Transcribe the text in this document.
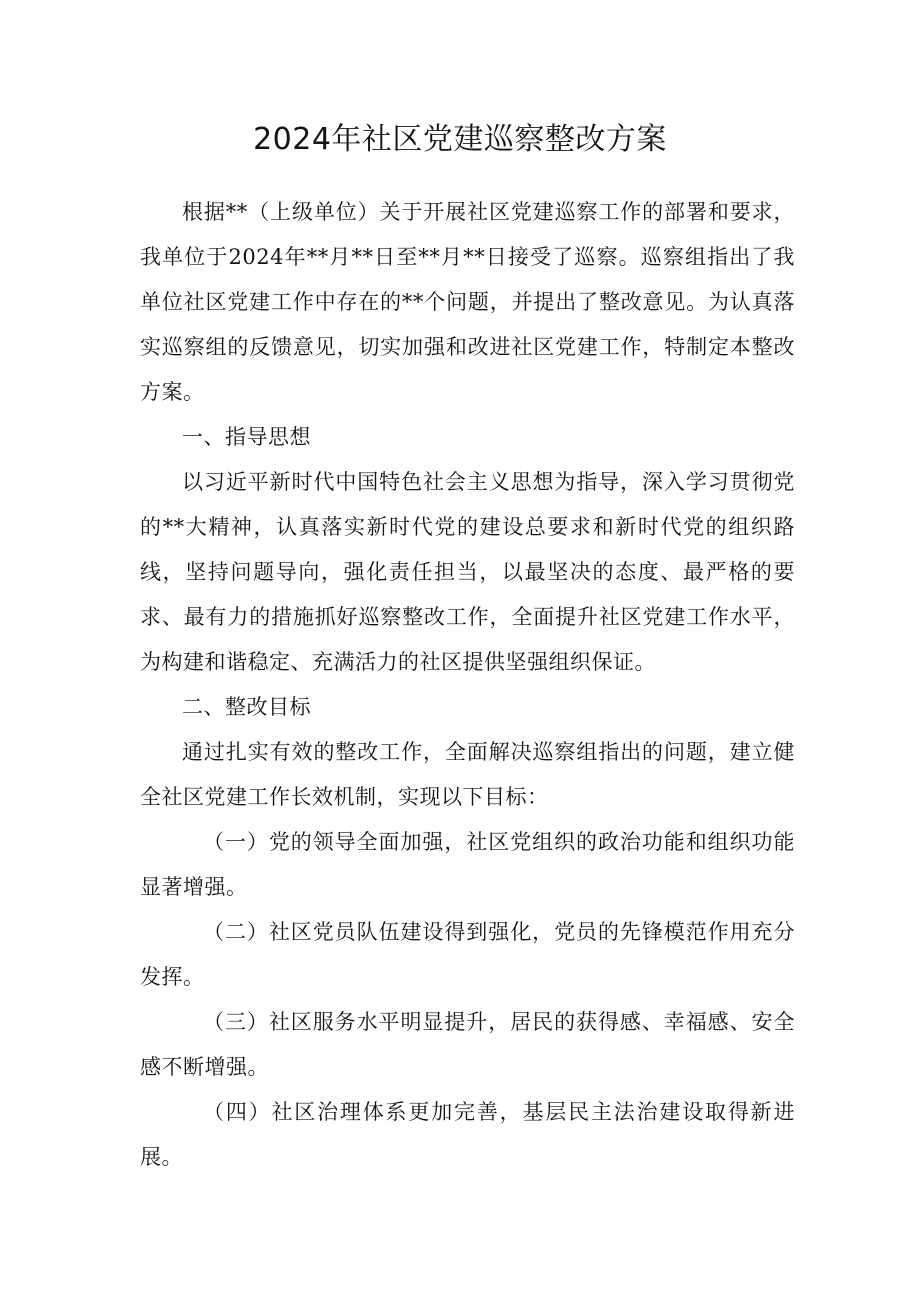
2024年社区党建巡察整改方案

根据**（上级单位）关于开展社区党建巡察工作的部署和要求，我单位于2024年**月**日至**月**日接受了巡察。巡察组指出了我单位社区党建工作中存在的**个问题，并提出了整改意见。为认真落实巡察组的反馈意见，切实加强和改进社区党建工作，特制定本整改方案。

一、指导思想

以习近平新时代中国特色社会主义思想为指导，深入学习贯彻党的**大精神，认真落实新时代党的建设总要求和新时代党的组织路线，坚持问题导向，强化责任担当，以最坚决的态度、最严格的要求、最有力的措施抓好巡察整改工作，全面提升社区党建工作水平，为构建和谐稳定、充满活力的社区提供坚强组织保证。

二、整改目标

通过扎实有效的整改工作，全面解决巡察组指出的问题，建立健全社区党建工作长效机制，实现以下目标：

（一）党的领导全面加强，社区党组织的政治功能和组织功能显著增强。

（二）社区党员队伍建设得到强化，党员的先锋模范作用充分发挥。

（三）社区服务水平明显提升，居民的获得感、幸福感、安全感不断增强。

（四）社区治理体系更加完善，基层民主法治建设取得新进展。
